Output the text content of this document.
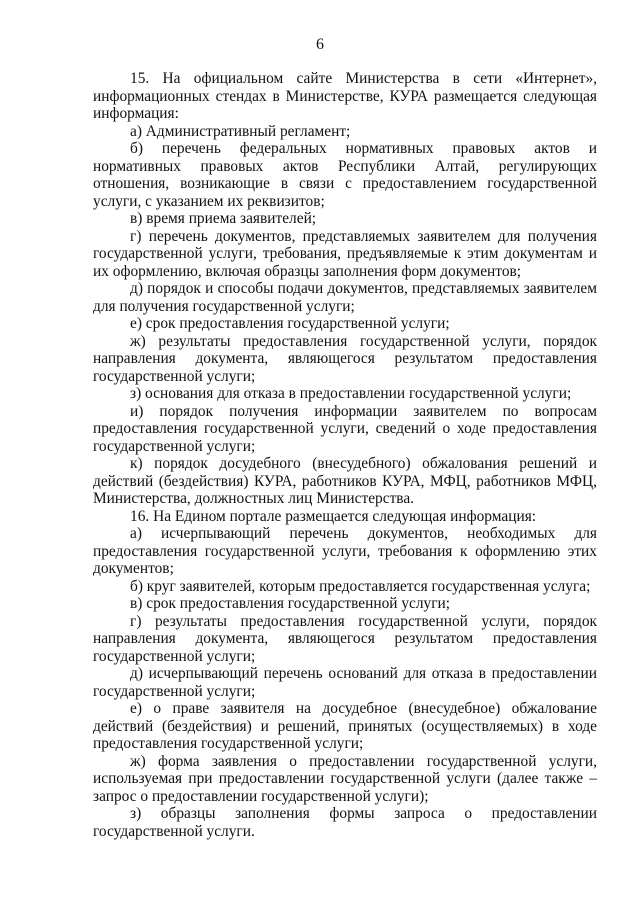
6

15. На официальном сайте Министерства в сети «Интернет», информационных стендах в Министерстве, КУРА размещается следующая информация:

а) Административный регламент;

б) перечень федеральных нормативных правовых актов и нормативных правовых актов Республики Алтай, регулирующих отношения, возникающие в связи с предоставлением государственной услуги, с указанием их реквизитов;

в) время приема заявителей;

г) перечень документов, представляемых заявителем для получения государственной услуги, требования, предъявляемые к этим документам и их оформлению, включая образцы заполнения форм документов;

д) порядок и способы подачи документов, представляемых заявителем для получения государственной услуги;

е) срок предоставления государственной услуги;

ж) результаты предоставления государственной услуги, порядок направления документа, являющегося результатом предоставления государственной услуги;

з) основания для отказа в предоставлении государственной услуги;

и) порядок получения информации заявителем по вопросам предоставления государственной услуги, сведений о ходе предоставления государственной услуги;

к) порядок досудебного (внесудебного) обжалования решений и действий (бездействия) КУРА, работников КУРА, МФЦ, работников МФЦ, Министерства, должностных лиц Министерства.

16. На Едином портале размещается следующая информация:

а) исчерпывающий перечень документов, необходимых для предоставления государственной услуги, требования к оформлению этих документов;

б) круг заявителей, которым предоставляется государственная услуга;

в) срок предоставления государственной услуги;

г) результаты предоставления государственной услуги, порядок направления документа, являющегося результатом предоставления государственной услуги;

д) исчерпывающий перечень оснований для отказа в предоставлении государственной услуги;

е) о праве заявителя на досудебное (внесудебное) обжалование действий (бездействия) и решений, принятых (осуществляемых) в ходе предоставления государственной услуги;

ж) форма заявления о предоставлении государственной услуги, используемая при предоставлении государственной услуги (далее также – запрос о предоставлении государственной услуги);

з) образцы заполнения формы запроса о предоставлении государственной услуги.
